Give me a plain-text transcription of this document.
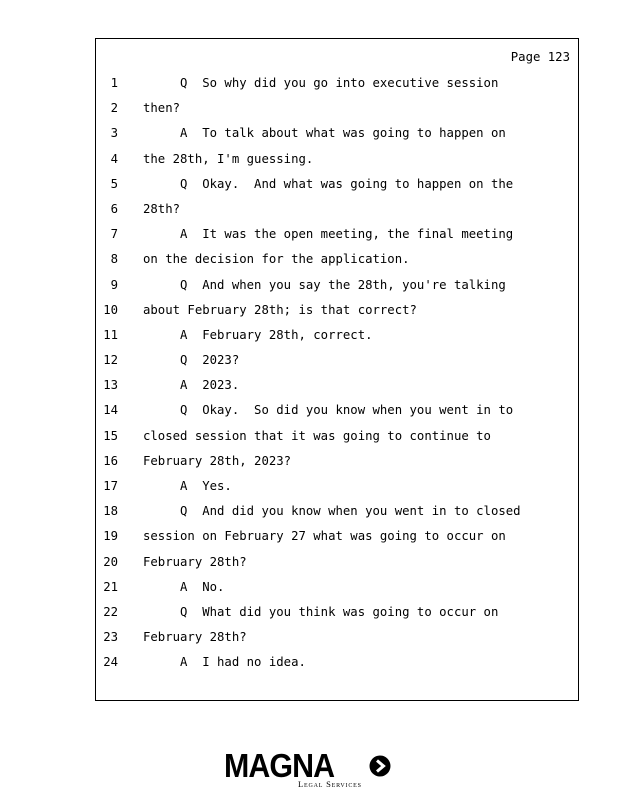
Page 123
1 Q  So why did you go into executive session
2 then?
3 A  To talk about what was going to happen on
4 the 28th, I'm guessing.
5 Q  Okay.  And what was going to happen on the
6 28th?
7 A  It was the open meeting, the final meeting
8 on the decision for the application.
9 Q  And when you say the 28th, you're talking
10 about February 28th; is that correct?
11 A  February 28th, correct.
12 Q  2023?
13 A  2023.
14 Q  Okay.  So did you know when you went in to
15 closed session that it was going to continue to
16 February 28th, 2023?
17 A  Yes.
18 Q  And did you know when you went in to closed
19 session on February 27 what was going to occur on
20 February 28th?
21 A  No.
22 Q  What did you think was going to occur on
23 February 28th?
24 A  I had no idea.
MAGNA
Legal Services
